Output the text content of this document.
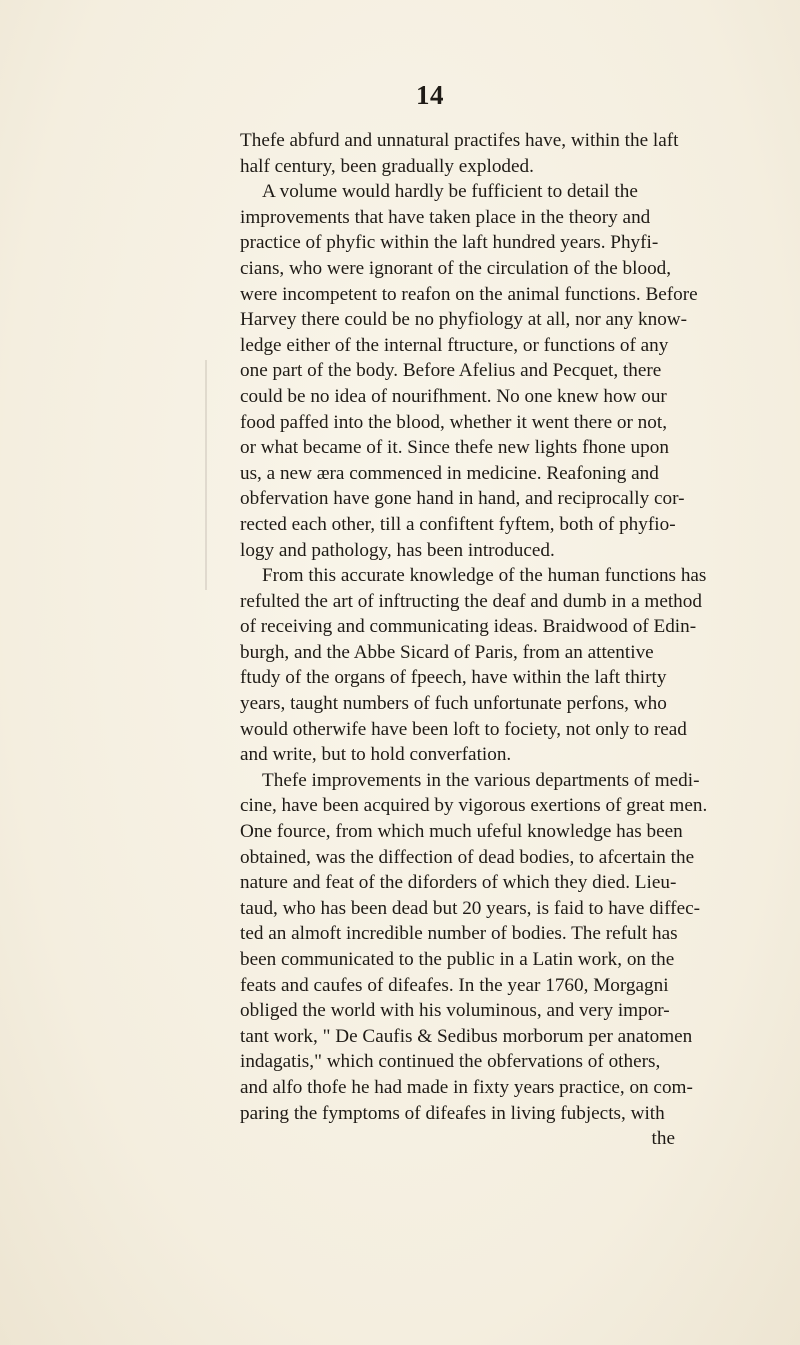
14
Thefe abfurd and unnatural practifes have, within the laft
half century, been gradually exploded.
A volume would hardly be fufficient to detail the
improvements that have taken place in the theory and
practice of phyfic within the laft hundred years. Phyfi-
cians, who were ignorant of the circulation of the blood,
were incompetent to reafon on the animal functions. Before
Harvey there could be no phyfiology at all, nor any know-
ledge either of the internal ftructure, or functions of any
one part of the body. Before Afelius and Pecquet, there
could be no idea of nourifhment. No one knew how our
food paffed into the blood, whether it went there or not,
or what became of it. Since thefe new lights fhone upon
us, a new æra commenced in medicine. Reafoning and
obfervation have gone hand in hand, and reciprocally cor-
rected each other, till a confiftent fyftem, both of phyfio-
logy and pathology, has been introduced.
From this accurate knowledge of the human functions has
refulted the art of inftructing the deaf and dumb in a method
of receiving and communicating ideas. Braidwood of Edin-
burgh, and the Abbe Sicard of Paris, from an attentive
ftudy of the organs of fpeech, have within the laft thirty
years, taught numbers of fuch unfortunate perfons, who
would otherwife have been loft to fociety, not only to read
and write, but to hold converfation.
Thefe improvements in the various departments of medi-
cine, have been acquired by vigorous exertions of great men.
One fource, from which much ufeful knowledge has been
obtained, was the diffection of dead bodies, to afcertain the
nature and feat of the diforders of which they died. Lieu-
taud, who has been dead but 20 years, is faid to have diffec-
ted an almoft incredible number of bodies. The refult has
been communicated to the public in a Latin work, on the
feats and caufes of difeafes. In the year 1760, Morgagni
obliged the world with his voluminous, and very impor-
tant work, " De Caufis & Sedibus morborum per anatomen
indagatis," which continued the obfervations of others,
and alfo thofe he had made in fixty years practice, on com-
paring the fymptoms of difeafes in living fubjects, with
the
